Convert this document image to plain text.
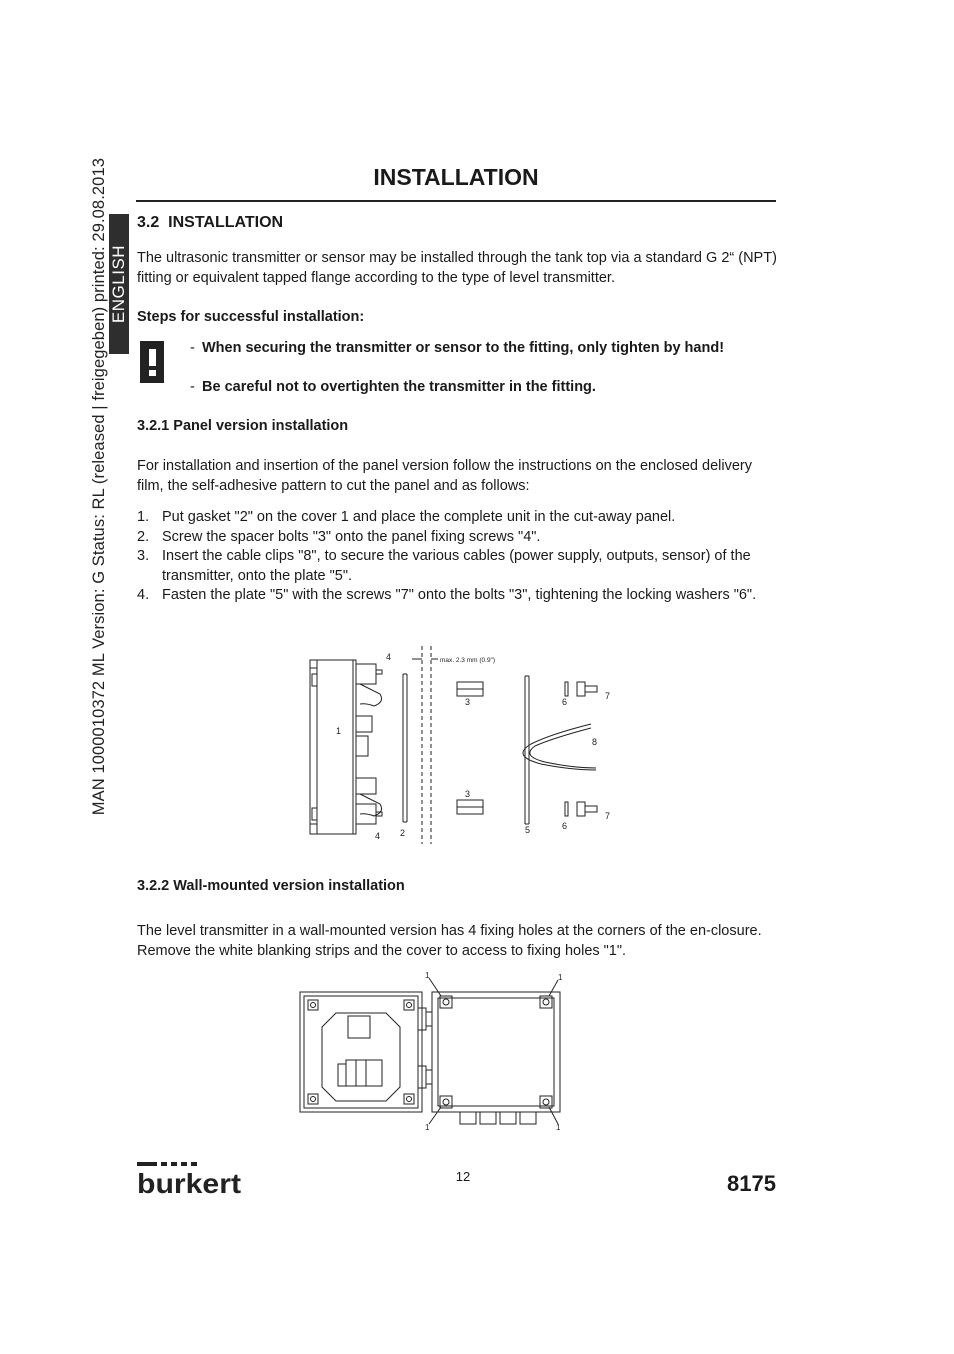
MAN 1000010372 ML Version: G Status: RL (released | freigegeben) printed: 29.08.2013 ENGLISH
INSTALLATION
3.2 INSTALLATION
The ultrasonic transmitter or sensor may be installed through the tank top via a standard G 2“ (NPT) fitting or equivalent tapped flange according to the type of level transmitter.
Steps for successful installation:
- When securing the transmitter or sensor to the fitting, only tighten by hand!
- Be careful not to overtighten the transmitter in the fitting.
3.2.1 Panel version installation
For installation and insertion of the panel version follow the instructions on the enclosed delivery film, the self-adhesive pattern to cut the panel and as follows:
1. Put gasket "2" on the cover 1 and place the complete unit in the cut-away panel.
2. Screw the spacer bolts "3" onto the panel fixing screws "4".
3. Insert the cable clips "8", to secure the various cables (power supply, outputs, sensor) of the transmitter, onto the plate "5".
4. Fasten the plate "5" with the screws "7" onto the bolts "3", tightening the locking washers "6".
4
1
4 2
3
3
5
6
7
8
6
7
max. 2.3 mm (0.9")
3.2.2 Wall-mounted version installation
The level transmitter in a wall-mounted version has 4 fixing holes at the corners of the en-closure. Remove the white blanking strips and the cover to access to fixing holes "1".
1	1
1	1
burkert	12	8175
